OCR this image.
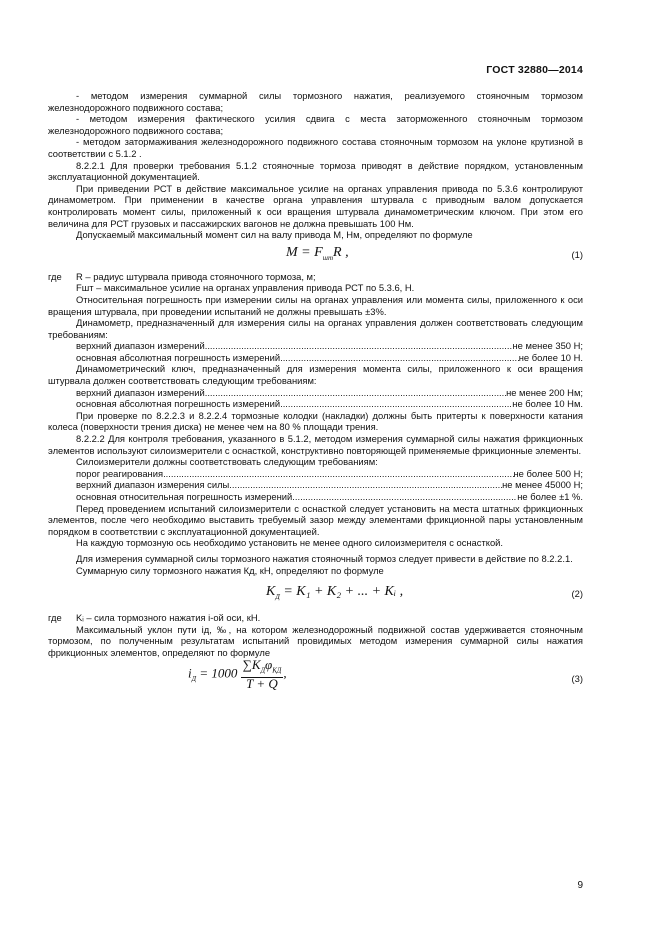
ГОСТ 32880—2014

- методом измерения суммарной силы тормозного нажатия, реализуемого стояночным тормозом железнодорожного подвижного состава;

- методом измерения фактического усилия сдвига с места заторможенного стояночным тормозом железнодорожного подвижного состава;

- методом затормаживания железнодорожного подвижного состава стояночным тормозом на уклоне крутизной в соответствии с 5.1.2 .

8.2.2.1 Для проверки требования 5.1.2 стояночные тормоза приводят в действие порядком, установленным эксплуатационной документацией.

При приведении РСТ в действие максимальное усилие на органах управления привода по 5.3.6 контролируют динамометром. При применении в качестве органа управления штурвала с приводным валом допускается контролировать момент силы, приложенный к оси вращения штурвала динамометрическим ключом. При этом его величина для РСТ грузовых и пассажирских вагонов не должна превышать 100 Нм.

Допускаемый максимальный момент сил на валу привода М, Нм, определяют по формуле

$M = F_{шт}R$ ,	(1)
где	R – радиус штурвала привода стояночного тормоза, м;

Fшт – максимальное усилие на органах управления привода РСТ по 5.3.6, Н.

Относительная погрешность при измерении силы на органах управления или момента силы, приложенного к оси вращения штурвала, при проведении испытаний не должны превышать ±3%.

Динамометр, предназначенный для измерения силы на органах управления должен соответствовать следующим требованиям:

верхний диапазон измерений .....	не менее 350 Н;
основная абсолютная погрешность измерений .....	не более 10 Н.

Динамометрический ключ, предназначенный для измерения момента силы, приложенного к оси вращения штурвала должен соответствовать следующим требованиям:

верхний диапазон измерений .....	не менее 200 Нм;
основная абсолютная погрешность измерений .....	не более 10 Нм.

При проверке по 8.2.2.3 и 8.2.2.4 тормозные колодки (накладки) должны быть притерты к поверхности катания колеса (поверхности трения диска) не менее чем на 80 % площади трения.

8.2.2.2 Для контроля требования, указанного в 5.1.2, методом измерения суммарной силы нажатия фрикционных элементов используют силоизмерители с оснасткой, конструктивно повторяющей применяемые фрикционные элементы.

Силоизмерители должны соответствовать следующим требованиям:

порог реагирования .....	не более 500 Н;
верхний диапазон измерения силы .....	не менее 45000 Н;
основная относительная погрешность измерений .....	не более ±1 %.

Перед проведением испытаний силоизмерители с оснасткой следует установить на места штатных фрикционных элементов, после чего необходимо выставить требуемый зазор между элементами фрикционной пары установленным порядком в соответствии с эксплуатационной документацией.

На каждую тормозную ось необходимо установить не менее одного силоизмерителя с оснасткой.

Для измерения суммарной силы тормозного нажатия стояночный тормоз следует привести в действие по 8.2.2.1.

Суммарную силу тормозного нажатия Кд, кН, определяют по формуле

$K_Д = K_1 + K_2$ + ... + Kᵢ ,	(2)
где	Kᵢ – сила тормозного нажатия i-ой оси, кН.

Максимальный уклон пути iд, ‰, на котором железнодорожный подвижной состав удерживается стояночным тормозом, по полученным результатам испытаний провидимых методом измерения суммарной силы нажатия фрикционных элементов, определяют по формуле

$i_Д = 1000 \frac{\sum K_Д\varphi_{КД}}{T + Q}$ ,	(3)
9
